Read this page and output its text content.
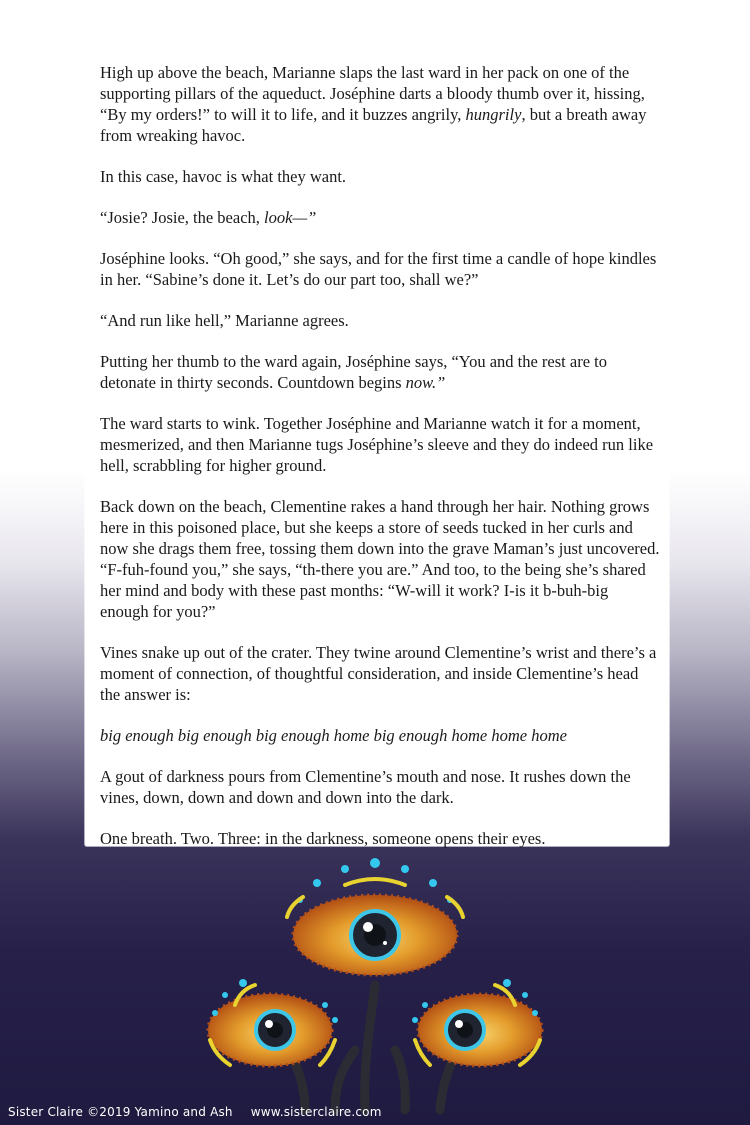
High up above the beach, Marianne slaps the last ward in her pack on one of the supporting pillars of the aqueduct. Joséphine darts a bloody thumb over it, hissing, “By my orders!” to will it to life, and it buzzes angrily, hungrily, but a breath away from wreaking havoc.

In this case, havoc is what they want.

“Josie? Josie, the beach, look—”

Joséphine looks. “Oh good,” she says, and for the first time a candle of hope kindles in her. “Sabine’s done it. Let’s do our part too, shall we?”

“And run like hell,” Marianne agrees.

Putting her thumb to the ward again, Joséphine says, “You and the rest are to detonate in thirty seconds. Countdown begins now.”

The ward starts to wink. Together Joséphine and Marianne watch it for a moment, mesmerized, and then Marianne tugs Joséphine’s sleeve and they do indeed run like hell, scrabbling for higher ground.

Back down on the beach, Clementine rakes a hand through her hair. Nothing grows here in this poisoned place, but she keeps a store of seeds tucked in her curls and now she drags them free, tossing them down into the grave Maman’s just uncovered. “F-fuh-found you,” she says, “th-there you are.” And too, to the being she’s shared her mind and body with these past months: “W-will it work? I-is it b-buh-big enough for you?”

Vines snake up out of the crater. They twine around Clementine’s wrist and there’s a moment of connection, of thoughtful consideration, and inside Clementine’s head the answer is:

big enough big enough big enough home big enough home home home

A gout of darkness pours from Clementine’s mouth and nose. It rushes down the vines, down, down and down and down into the dark.

One breath. Two. Three: in the darkness, someone opens their eyes.

Sister Claire ©2019 Yamino and Ash www.sisterclaire.com
